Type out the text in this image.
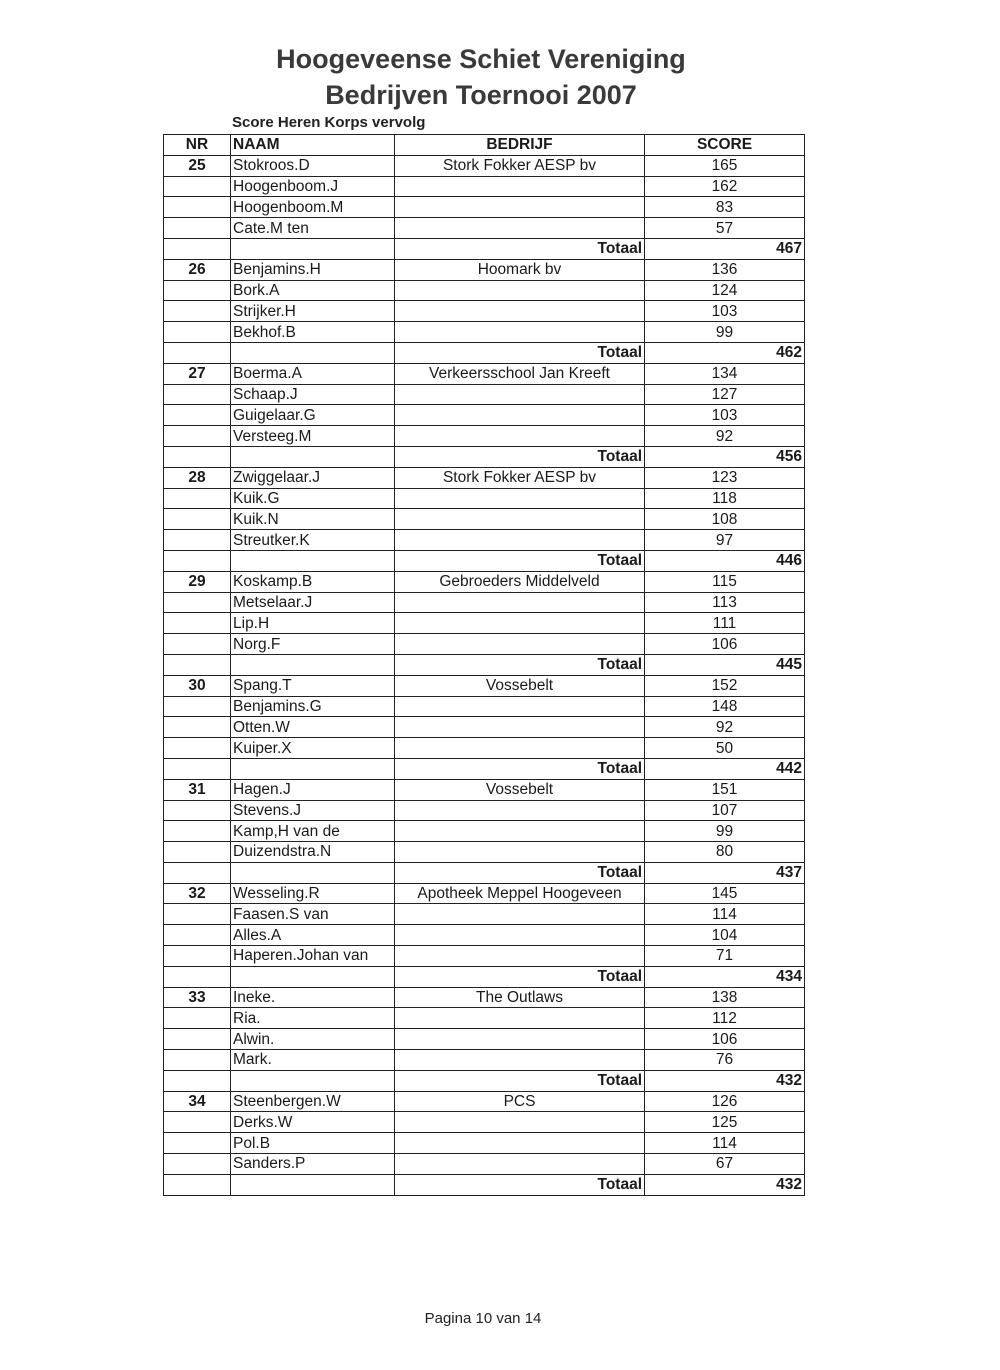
Hoogeveense Schiet Vereniging
Bedrijven Toernooi 2007
Score Heren Korps vervolg
NR	NAAM	BEDRIJF	SCORE
25	Stokroos.D	Stork Fokker AESP bv	165
	Hoogenboom.J		162
	Hoogenboom.M		83
	Cate.M ten		57
		Totaal	467
26	Benjamins.H	Hoomark bv	136
	Bork.A		124
	Strijker.H		103
	Bekhof.B		99
		Totaal	462
27	Boerma.A	Verkeersschool Jan Kreeft	134
	Schaap.J		127
	Guigelaar.G		103
	Versteeg.M		92
		Totaal	456
28	Zwiggelaar.J	Stork Fokker AESP bv	123
	Kuik.G		118
	Kuik.N		108
	Streutker.K		97
		Totaal	446
29	Koskamp.B	Gebroeders Middelveld	115
	Metselaar.J		113
	Lip.H		111
	Norg.F		106
		Totaal	445
30	Spang.T	Vossebelt	152
	Benjamins.G		148
	Otten.W		92
	Kuiper.X		50
		Totaal	442
31	Hagen.J	Vossebelt	151
	Stevens.J		107
	Kamp,H van de		99
	Duizendstra.N		80
		Totaal	437
32	Wesseling.R	Apotheek Meppel Hoogeveen	145
	Faasen.S van		114
	Alles.A		104
	Haperen.Johan van		71
		Totaal	434
33	Ineke.	The Outlaws	138
	Ria.		112
	Alwin.		106
	Mark.		76
		Totaal	432
34	Steenbergen.W	PCS	126
	Derks.W		125
	Pol.B		114
	Sanders.P		67
		Totaal	432
Pagina 10 van 14
